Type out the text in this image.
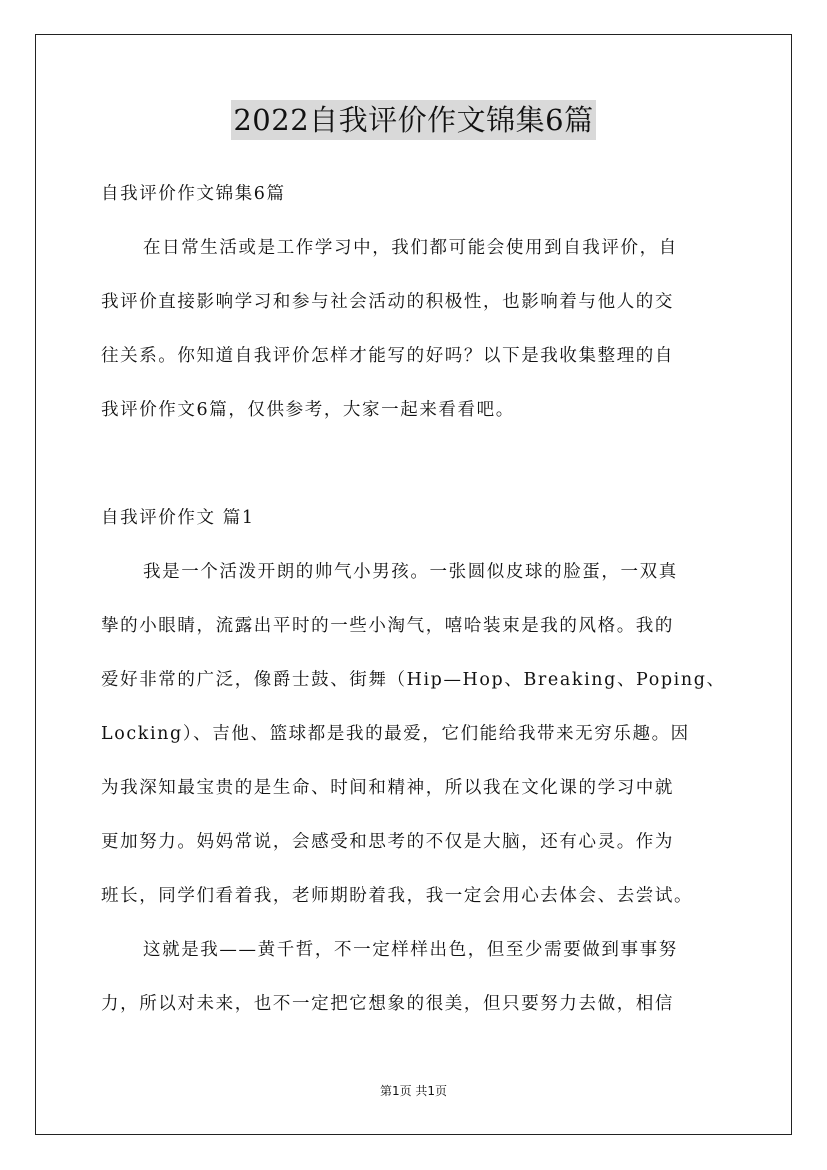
2022自我评价作文锦集6篇
自我评价作文锦集6篇
在日常生活或是工作学习中，我们都可能会使用到自我评价，自
我评价直接影响学习和参与社会活动的积极性，也影响着与他人的交
往关系。你知道自我评价怎样才能写的好吗？以下是我收集整理的自
我评价作文6篇，仅供参考，大家一起来看看吧。
自我评价作文 篇1
我是一个活泼开朗的帅气小男孩。一张圆似皮球的脸蛋，一双真
挚的小眼睛，流露出平时的一些小淘气，嘻哈装束是我的风格。我的
爱好非常的广泛，像爵士鼓、街舞（Hip—Hop、Breaking、Poping、
Locking）、吉他、篮球都是我的最爱，它们能给我带来无穷乐趣。因
为我深知最宝贵的是生命、时间和精神，所以我在文化课的学习中就
更加努力。妈妈常说，会感受和思考的不仅是大脑，还有心灵。作为
班长，同学们看着我，老师期盼着我，我一定会用心去体会、去尝试。
这就是我——黄千哲，不一定样样出色，但至少需要做到事事努
力，所以对未来，也不一定把它想象的很美，但只要努力去做，相信
第1页 共1页
